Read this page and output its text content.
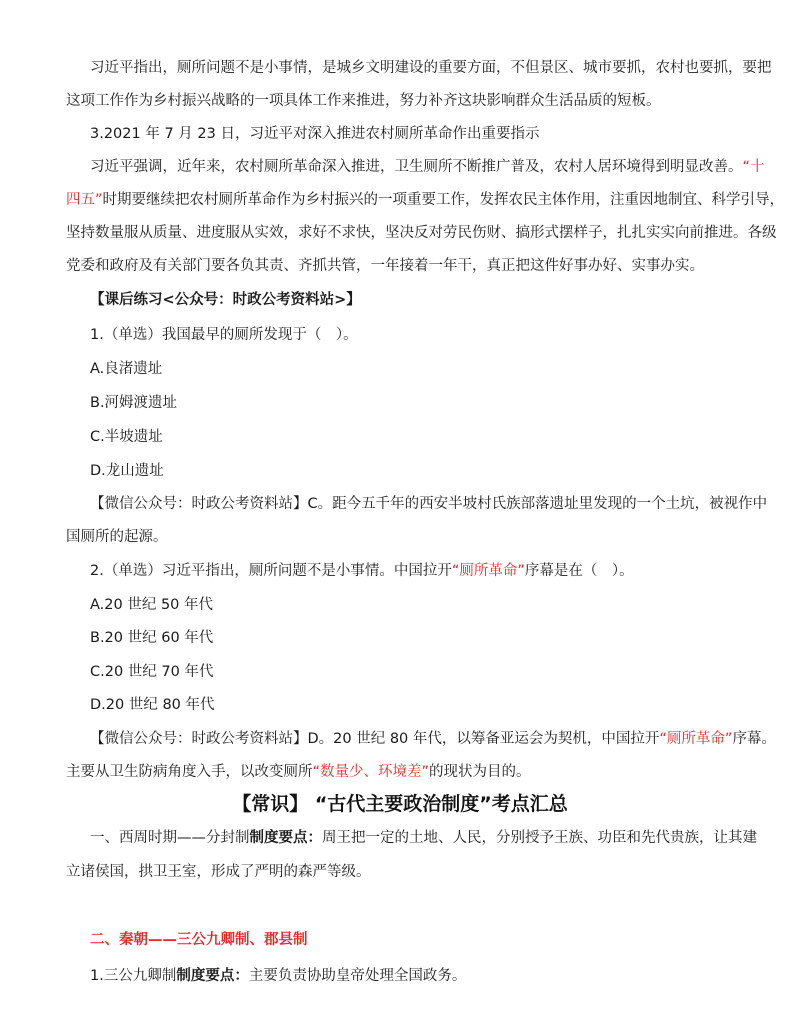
习近平指出，厕所问题不是小事情，是城乡文明建设的重要方面，不但景区、城市要抓，农村也要抓，要把
这项工作作为乡村振兴战略的一项具体工作来推进，努力补齐这块影响群众生活品质的短板。
3.2021 年 7 月 23 日，习近平对深入推进农村厕所革命作出重要指示
习近平强调，近年来，农村厕所革命深入推进，卫生厕所不断推广普及，农村人居环境得到明显改善。“十
四五”时期要继续把农村厕所革命作为乡村振兴的一项重要工作，发挥农民主体作用，注重因地制宜、科学引导，
坚持数量服从质量、进度服从实效，求好不求快，坚决反对劳民伤财、搞形式摆样子，扎扎实实向前推进。各级
党委和政府及有关部门要各负其责、齐抓共管，一年接着一年干，真正把这件好事办好、实事办实。
【课后练习<公众号：时政公考资料站>】
1.（单选）我国最早的厕所发现于（　）。
A.良渚遗址
B.河姆渡遗址
C.半坡遗址
D.龙山遗址
【微信公众号：时政公考资料站】C。距今五千年的西安半坡村氏族部落遗址里发现的一个土坑，被视作中
国厕所的起源。
2.（单选）习近平指出，厕所问题不是小事情。中国拉开“厕所革命”序幕是在（　）。
A.20 世纪 50 年代
B.20 世纪 60 年代
C.20 世纪 70 年代
D.20 世纪 80 年代
【微信公众号：时政公考资料站】D。20 世纪 80 年代，以筹备亚运会为契机，中国拉开“厕所革命”序幕。
主要从卫生防病角度入手，以改变厕所“数量少、环境差”的现状为目的。
【常识】 “古代主要政治制度”考点汇总
一、西周时期——分封制制度要点：周王把一定的土地、人民，分别授予王族、功臣和先代贵族，让其建
立诸侯国，拱卫王室，形成了严明的森严等级。
二、秦朝——三公九卿制、郡县制
1.三公九卿制制度要点：主要负责协助皇帝处理全国政务。
